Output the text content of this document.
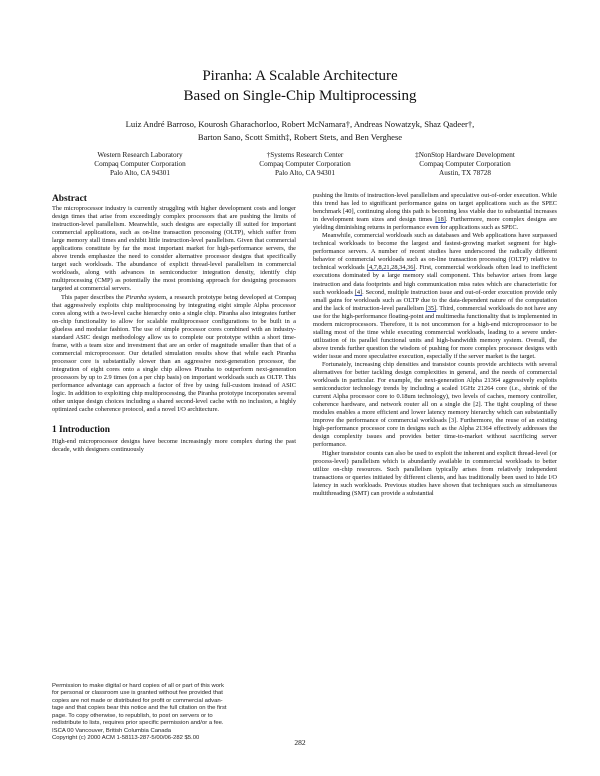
Piranha: A Scalable Architecture
Based on Single-Chip Multiprocessing
Luiz André Barroso, Kourosh Gharachorloo, Robert McNamara†, Andreas Nowatzyk, Shaz Qadeer†,
Barton Sano, Scott Smith‡, Robert Stets, and Ben Verghese
Western Research Laboratory
Compaq Computer Corporation
Palo Alto, CA 94301
†Systems Research Center
Compaq Computer Corporation
Palo Alto, CA 94301
‡NonStop Hardware Development
Compaq Computer Corporation
Austin, TX 78728
Abstract

The microprocessor industry is currently struggling with higher development costs and longer design times that arise from exceedingly complex processors that are pushing the limits of instruction-level parallelism. Meanwhile, such designs are especially ill suited for important commercial applications, such as on-line transaction processing (OLTP), which suffer from large memory stall times and exhibit little instruction-level parallelism. Given that commercial applications constitute by far the most important market for high-performance servers, the above trends emphasize the need to consider alternative processor designs that specifically target such workloads. The abundance of explicit thread-level parallelism in commercial workloads, along with advances in semiconductor integration density, identify chip multiprocessing (CMP) as potentially the most promising approach for designing processors targeted at commercial servers.

This paper describes the Piranha system, a research prototype being developed at Compaq that aggressively exploits chip multiprocessing by integrating eight simple Alpha processor cores along with a two-level cache hierarchy onto a single chip. Piranha also integrates further on-chip functionality to allow for scalable multiprocessor configurations to be built in a glueless and modular fashion. The use of simple processor cores combined with an industry-standard ASIC design methodology allow us to complete our prototype within a short time-frame, with a team size and investment that are an order of magnitude smaller than that of a commercial microprocessor. Our detailed simulation results show that while each Piranha processor core is substantially slower than an aggressive next-generation processor, the integration of eight cores onto a single chip allows Piranha to outperform next-generation processors by up to 2.9 times (on a per chip basis) on important workloads such as OLTP. This performance advantage can approach a factor of five by using full-custom instead of ASIC logic. In addition to exploiting chip multiprocessing, the Piranha prototype incorporates several other unique design choices including a shared second-level cache with no inclusion, a highly optimized cache coherence protocol, and a novel I/O architecture.

1 Introduction

High-end microprocessor designs have become increasingly more complex during the past decade, with designers continuously

pushing the limits of instruction-level parallelism and speculative out-of-order execution. While this trend has led to significant performance gains on target applications such as the SPEC benchmark [40], continuing along this path is becoming less viable due to substantial increases in development team sizes and design times [18]. Furthermore, more complex designs are yielding diminishing returns in performance even for applications such as SPEC.

Meanwhile, commercial workloads such as databases and Web applications have surpassed technical workloads to become the largest and fastest-growing market segment for high-performance servers. A number of recent studies have underscored the radically different behavior of commercial workloads such as on-line transaction processing (OLTP) relative to technical workloads [4,7,8,21,28,34,36]. First, commercial workloads often lead to inefficient executions dominated by a large memory stall component. This behavior arises from large instruction and data footprints and high communication miss rates which are characteristic for such workloads [4]. Second, multiple instruction issue and out-of-order execution provide only small gains for workloads such as OLTP due to the data-dependent nature of the computation and the lack of instruction-level parallelism [35]. Third, commercial workloads do not have any use for the high-performance floating-point and multimedia functionality that is implemented in modern microprocessors. Therefore, it is not uncommon for a high-end microprocessor to be stalling most of the time while executing commercial workloads, leading to a severe under-utilization of its parallel functional units and high-bandwidth memory system. Overall, the above trends further question the wisdom of pushing for more complex processor designs with wider issue and more speculative execution, especially if the server market is the target.

Fortunately, increasing chip densities and transistor counts provide architects with several alternatives for better tackling design complexities in general, and the needs of commercial workloads in particular. For example, the next-generation Alpha 21364 aggressively exploits semiconductor technology trends by including a scaled 1GHz 21264 core (i.e., shrink of the current Alpha processor core to 0.18um technology), two levels of caches, memory controller, coherence hardware, and network router all on a single die [2]. The tight coupling of these modules enables a more efficient and lower latency memory hierarchy which can substantially improve the performance of commercial workloads [3]. Furthermore, the reuse of an existing high-performance processor core in designs such as the Alpha 21364 effectively addresses the design complexity issues and provides better time-to-market without sacrificing server performance.

Higher transistor counts can also be used to exploit the inherent and explicit thread-level (or process-level) parallelism which is abundantly available in commercial workloads to better utilize on-chip resources. Such parallelism typically arises from relatively independent transactions or queries initiated by different clients, and has traditionally been used to hide I/O latency in such workloads. Previous studies have shown that techniques such as simultaneous multithreading (SMT) can provide a substantial

Permission to make digital or hard copies of all or part of this work
for personal or classroom use is granted without fee provided that
copies are not made or distributed for profit or commercial advan-
tage and that copies bear this notice and the full citation on the first
page. To copy otherwise, to republish, to post on servers or to
redistribute to lists, requires prior specific permission and/or a fee.
ISCA 00 Vancouver, British Columbia Canada
Copyright (c) 2000 ACM 1-58113-287-5/00/06-282 $5.00	282
